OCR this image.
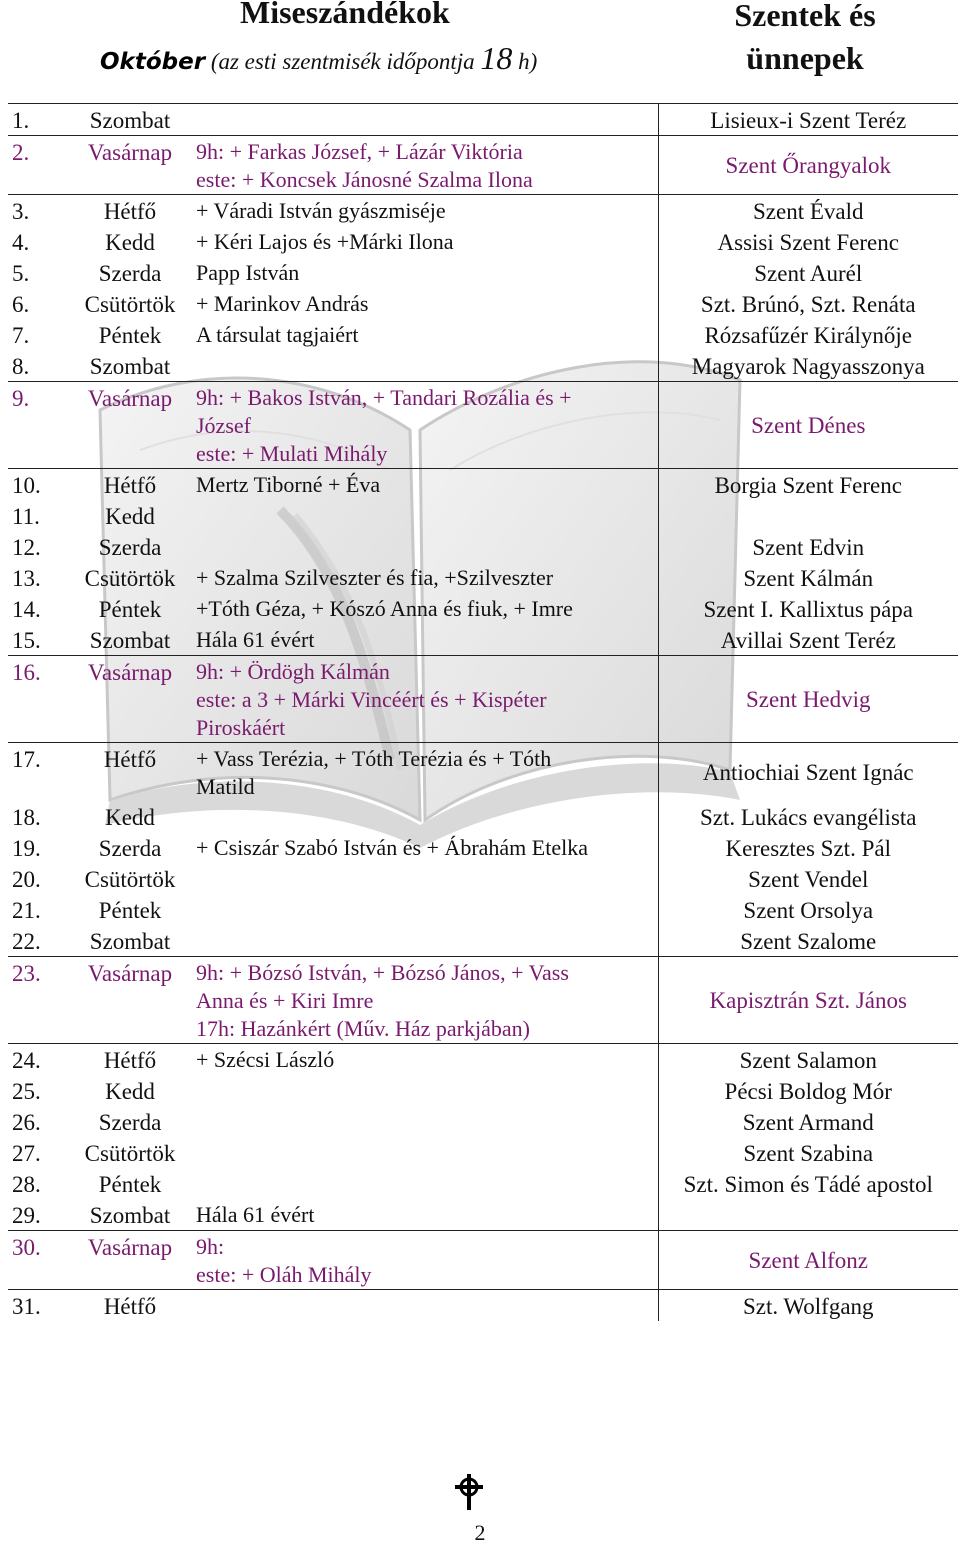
Miseszándékok
Október (az esti szentmisék időpontja 18 h)
Szentek és
ünnepek
1.	Szombat		Lisieux-i Szent Teréz
2.	Vasárnap	9h: + Farkas József, + Lázár Viktória
este: + Koncsek Jánosné Szalma Ilona	Szent Őrangyalok
3.	Hétfő	+ Váradi István gyászmiséje	Szent Évald
4.	Kedd	+ Kéri Lajos és +Márki Ilona	Assisi Szent Ferenc
5.	Szerda	Papp István	Szent Aurél
6.	Csütörtök	+ Marinkov András	Szt. Brúnó, Szt. Renáta
7.	Péntek	A társulat tagjaiért	Rózsafűzér Királynője
8.	Szombat		Magyarok Nagyasszonya
9.	Vasárnap	9h: + Bakos István, + Tandari Rozália és +
József
este: + Mulati Mihály	Szent Dénes
10.	Hétfő	Mertz Tiborné + Éva	Borgia Szent Ferenc
11.	Kedd		
12.	Szerda		Szent Edvin
13.	Csütörtök	+ Szalma Szilveszter és fia, +Szilveszter	Szent Kálmán
14.	Péntek	+Tóth Géza, + Kószó Anna és fiuk, + Imre	Szent I. Kallixtus pápa
15.	Szombat	Hála 61 évért	Avillai Szent Teréz
16.	Vasárnap	9h: + Ördögh Kálmán
este: a 3 + Márki Vincéért és + Kispéter
Piroskáért	Szent Hedvig
17.	Hétfő	+ Vass Terézia, + Tóth Terézia és + Tóth
Matild	Antiochiai Szent Ignác
18.	Kedd		Szt. Lukács evangélista
19.	Szerda	+ Csiszár Szabó István és + Ábrahám Etelka	Keresztes Szt. Pál
20.	Csütörtök		Szent Vendel
21.	Péntek		Szent Orsolya
22.	Szombat		Szent Szalome
23.	Vasárnap	9h: + Bózsó István, + Bózsó János, + Vass
Anna és + Kiri Imre
17h: Hazánkért (Műv. Ház parkjában)	Kapisztrán Szt. János
24.	Hétfő	+ Szécsi László	Szent Salamon
25.	Kedd		Pécsi Boldog Mór
26.	Szerda		Szent Armand
27.	Csütörtök		Szent Szabina
28.	Péntek		Szt. Simon és Tádé apostol
29.	Szombat	Hála 61 évért	
30.	Vasárnap	9h:
este: + Oláh Mihály	Szent Alfonz
31.	Hétfő		Szt. Wolfgang
2
